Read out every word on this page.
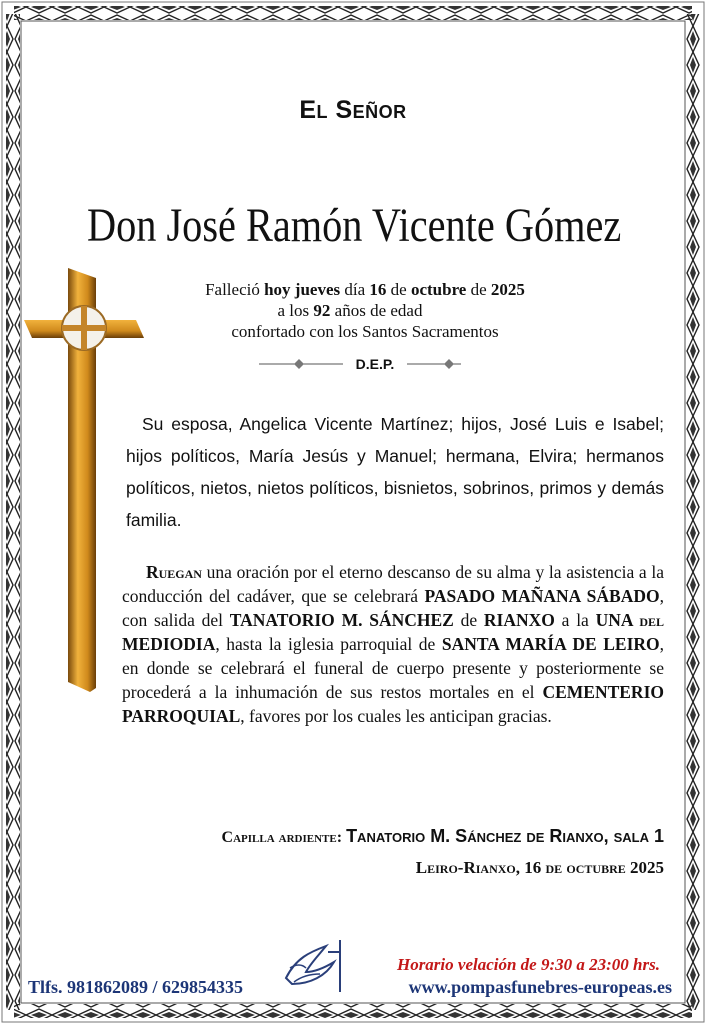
El Señor
Don José Ramón Vicente Gómez
Falleció hoy jueves día 16 de octubre de 2025
a los 92 años de edad
confortado con los Santos Sacramentos
D.E.P.
Su esposa, Angelica Vicente Martínez; hijos, José Luis e Isabel; hijos políticos, María Jesús y Manuel; hermana, Elvira; hermanos políticos, nietos, nietos políticos, bisnietos, sobrinos, primos y demás familia.
Ruegan una oración por el eterno descanso de su alma y la asistencia a la conducción del cadáver, que se celebrará PASADO MAÑANA SÁBADO, con salida del TANATORIO M. SÁNCHEZ de RIANXO a la UNA del MEDIODIA, hasta la iglesia parroquial de SANTA MARÍA DE LEIRO, en donde se celebrará el funeral de cuerpo presente y posteriormente se procederá a la inhumación de sus restos mortales en el CEMENTERIO PARROQUIAL, favores por los cuales les anticipan gracias.
Capilla ardiente: Tanatorio M. Sánchez de Rianxo, sala 1
Leiro-Rianxo, 16 de octubre 2025
Horario velación de 9:30 a 23:00 hrs.
Tlfs. 981862089 / 629854335	www.pompasfunebres-europeas.es
